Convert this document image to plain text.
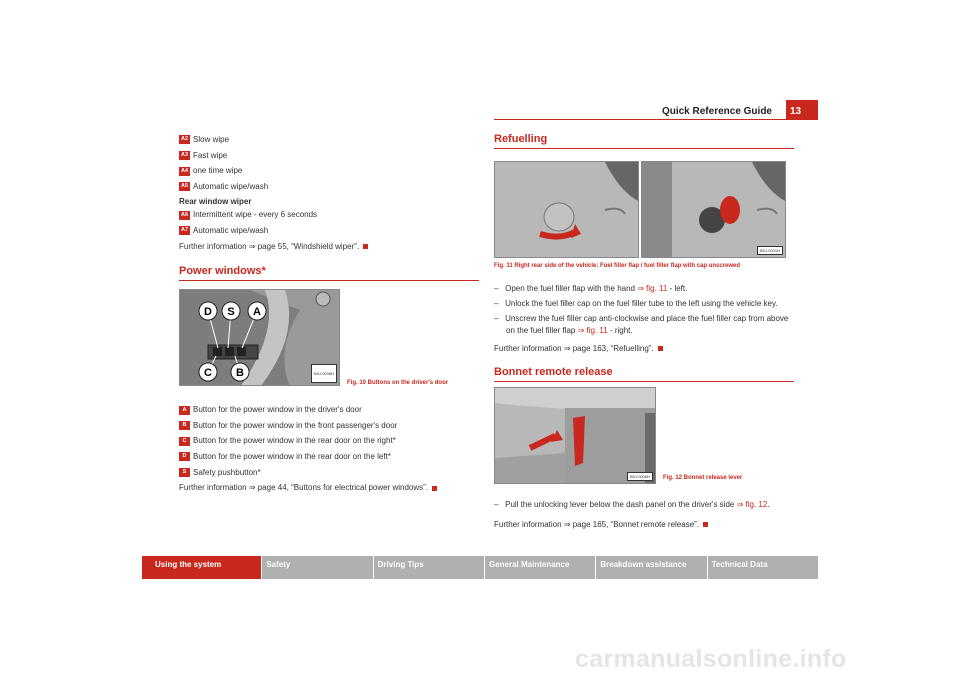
Quick Reference Guide	13
A2 Slow wipe
A3 Fast wipe
A4 one time wipe
A5 Automatic wipe/wash
Rear window wiper
A6 Intermittent wipe - every 6 seconds
A7 Automatic wipe/wash
Further information ⇒ page 55, “Windshield wiper”.
Power windows*
D S A
C B	B5J-0008H
Fig. 10 Buttons on the driver's door
A Button for the power window in the driver's door
B Button for the power window in the front passenger's door
C Button for the power window in the rear door on the right*
D Button for the power window in the rear door on the left*
S Safety pushbutton*
Further information ⇒ page 44, “Buttons for electrical power windows”.
Refuelling
B5J-0001H
Fig. 11 Right rear side of the vehicle: Fuel filler flap / fuel filler flap with cap unscrewed
–   Open the fuel filler flap with the hand ⇒ fig. 11 - left.
–   Unlock the fuel filler cap on the fuel filler tube to the left using the vehicle key.
–   Unscrew the fuel filler cap anti-clockwise and place the fuel filler cap from above on the fuel filler flap ⇒ fig. 11 - right.
Further information ⇒ page 163, “Refuelling”.
Bonnet remote release
B5J-0006H	Fig. 12 Bonnet release lever
–   Pull the unlocking lever below the dash panel on the driver's side ⇒ fig. 12.
Further information ⇒ page 165, “Bonnet remote release”.
Using the system	Safety	Driving Tips	General Maintenance	Breakdown assistance	Technical Data
carmanualsonline.info
